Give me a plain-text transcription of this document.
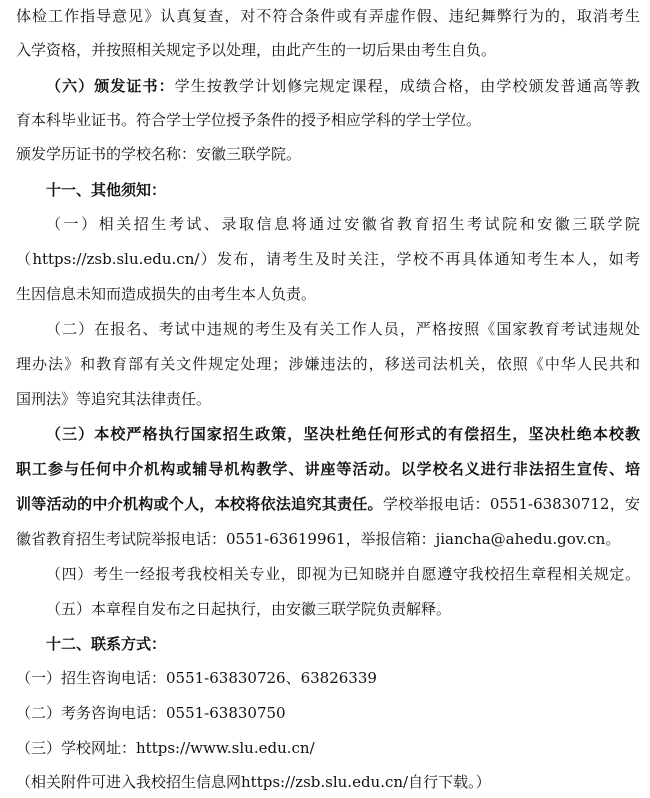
体检工作指导意见》认真复查，对不符合条件或有弄虚作假、违纪舞弊行为的，取消考生
入学资格，并按照相关规定予以处理，由此产生的一切后果由考生自负。
（六）颁发证书：学生按教学计划修完规定课程，成绩合格，由学校颁发普通高等教
育本科毕业证书。符合学士学位授予条件的授予相应学科的学士学位。
颁发学历证书的学校名称：安徽三联学院。
十一、其他须知：
（一）相关招生考试、录取信息将通过安徽省教育招生考试院和安徽三联学院
（https://zsb.slu.edu.cn/）发布，请考生及时关注，学校不再具体通知考生本人，如考
生因信息未知而造成损失的由考生本人负责。
（二）在报名、考试中违规的考生及有关工作人员，严格按照《国家教育考试违规处
理办法》和教育部有关文件规定处理；涉嫌违法的，移送司法机关，依照《中华人民共和
国刑法》等追究其法律责任。
（三）本校严格执行国家招生政策，坚决杜绝任何形式的有偿招生，坚决杜绝本校教
职工参与任何中介机构或辅导机构教学、讲座等活动。以学校名义进行非法招生宣传、培
训等活动的中介机构或个人，本校将依法追究其责任。学校举报电话：0551-63830712，安
徽省教育招生考试院举报电话：0551-63619961，举报信箱：jiancha@ahedu.gov.cn。
（四）考生一经报考我校相关专业，即视为已知晓并自愿遵守我校招生章程相关规定。
（五）本章程自发布之日起执行，由安徽三联学院负责解释。
十二、联系方式：
（一）招生咨询电话：0551-63830726、63826339
（二）考务咨询电话：0551-63830750
（三）学校网址：https://www.slu.edu.cn/
（相关附件可进入我校招生信息网https://zsb.slu.edu.cn/自行下载。）
